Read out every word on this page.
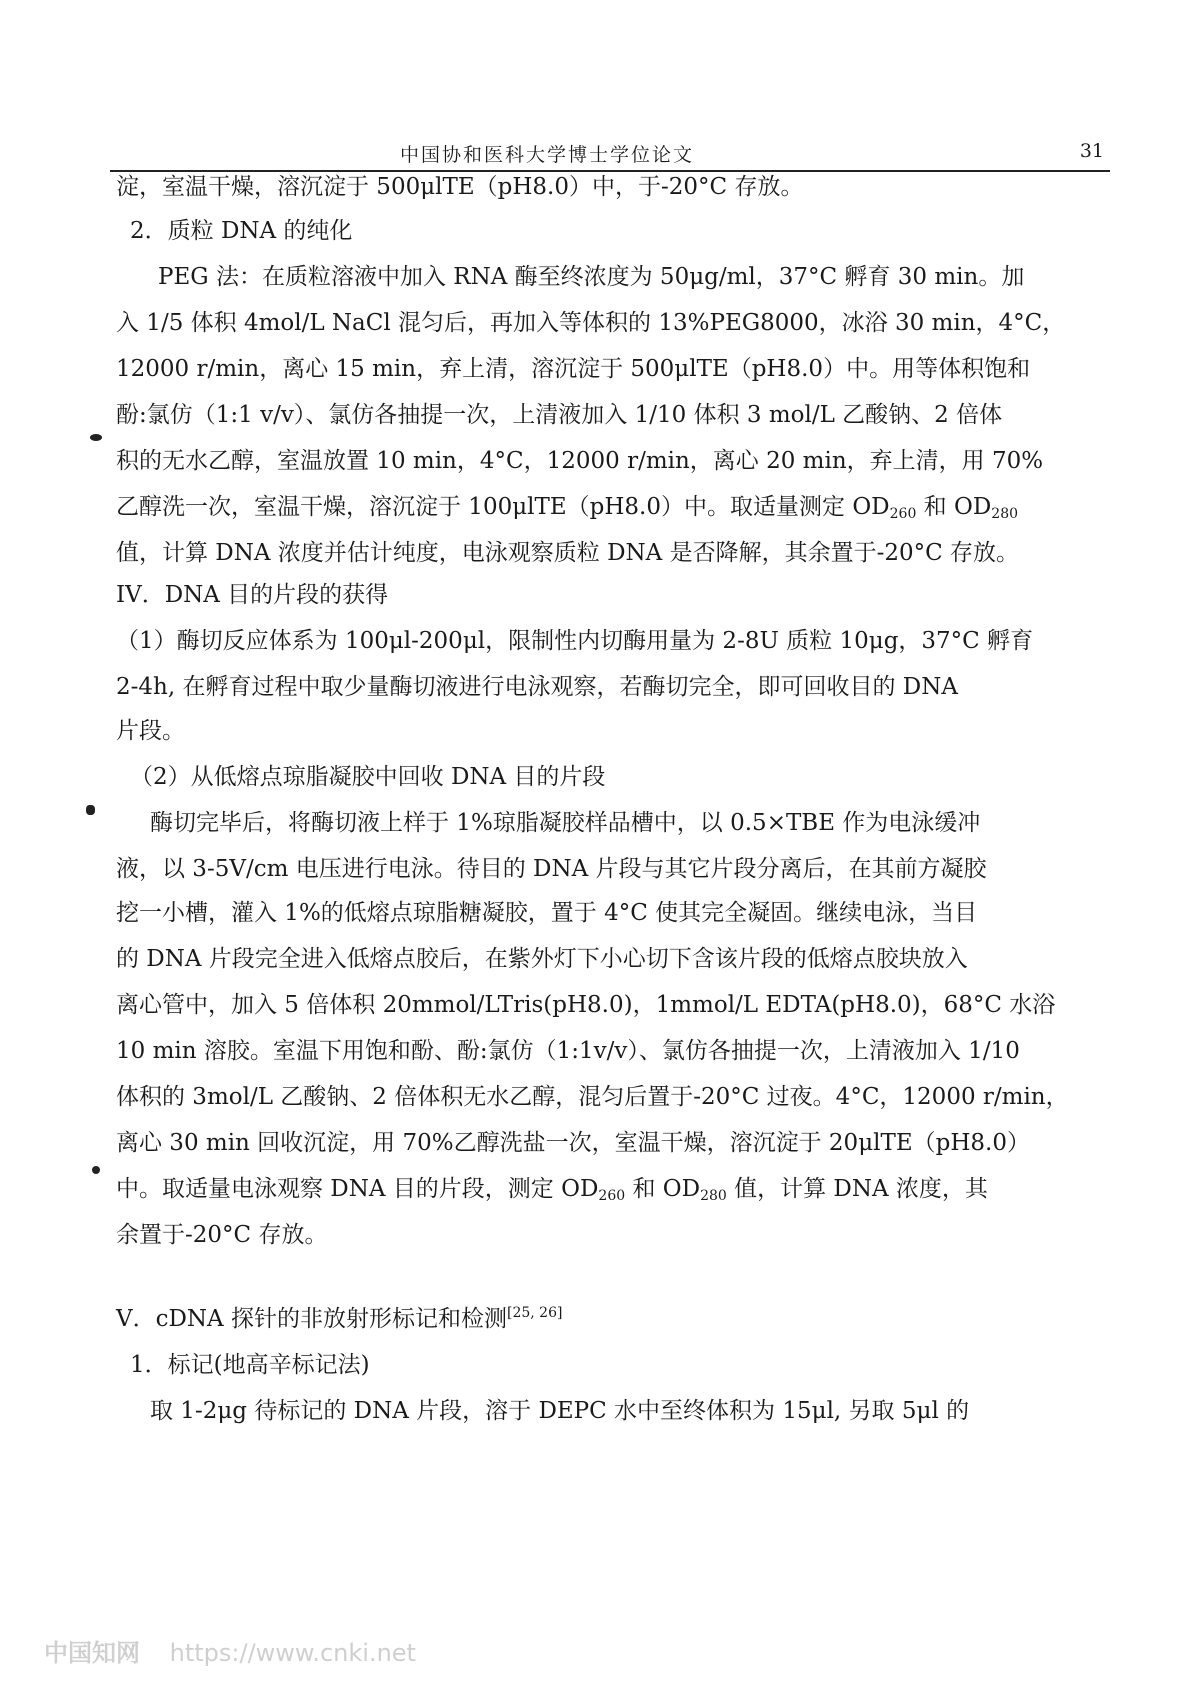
中国协和医科大学博士学位论文	31
淀，室温干燥，溶沉淀于 500μlTE（pH8.0）中，于-20°C 存放。
2．质粒 DNA 的纯化
PEG 法：在质粒溶液中加入 RNA 酶至终浓度为 50μg/ml，37°C 孵育 30 min。加
入 1/5 体积 4mol/L NaCl 混匀后，再加入等体积的 13%PEG8000，冰浴 30 min，4°C，
12000 r/min，离心 15 min，弃上清，溶沉淀于 500μlTE（pH8.0）中。用等体积饱和
酚:氯仿（1:1 v/v）、氯仿各抽提一次，上清液加入 1/10 体积 3 mol/L 乙酸钠、2 倍体
积的无水乙醇，室温放置 10 min，4°C，12000 r/min，离心 20 min，弃上清，用 70%
乙醇洗一次，室温干燥，溶沉淀于 100μlTE（pH8.0）中。取适量测定 $OD_{260}$ 和 $OD_{280}$
值，计算 DNA 浓度并估计纯度，电泳观察质粒 DNA 是否降解，其余置于-20°C 存放。
IV．DNA 目的片段的获得
（1）酶切反应体系为 100μl-200μl，限制性内切酶用量为 2-8U 质粒 10μg，37°C 孵育
2-4h, 在孵育过程中取少量酶切液进行电泳观察，若酶切完全，即可回收目的 DNA
片段。
（2）从低熔点琼脂凝胶中回收 DNA 目的片段
酶切完毕后，将酶切液上样于 1%琼脂凝胶样品槽中，以 0.5×TBE 作为电泳缓冲
液，以 3-5V/cm 电压进行电泳。待目的 DNA 片段与其它片段分离后，在其前方凝胶
挖一小槽，灌入 1%的低熔点琼脂糖凝胶，置于 4°C 使其完全凝固。继续电泳，当目
的 DNA 片段完全进入低熔点胶后，在紫外灯下小心切下含该片段的低熔点胶块放入
离心管中，加入 5 倍体积 20mmol/LTris(pH8.0)，1mmol/L EDTA(pH8.0)，68°C 水浴
10 min 溶胶。室温下用饱和酚、酚:氯仿（1:1v/v）、氯仿各抽提一次，上清液加入 1/10
体积的 3mol/L 乙酸钠、2 倍体积无水乙醇，混匀后置于-20°C 过夜。4°C，12000 r/min，
离心 30 min 回收沉淀，用 70%乙醇洗盐一次，室温干燥，溶沉淀于 20μlTE（pH8.0）
中。取适量电泳观察 DNA 目的片段，测定 $OD_{260}$ 和 $OD_{280}$ 值，计算 DNA 浓度，其
余置于-20°C 存放。
V．cDNA 探针的非放射形标记和检测[25, 26]
1．标记(地高辛标记法)
取 1-2μg 待标记的 DNA 片段，溶于 DEPC 水中至终体积为 15μl, 另取 5μl 的
中国知网 https://www.cnki.net
